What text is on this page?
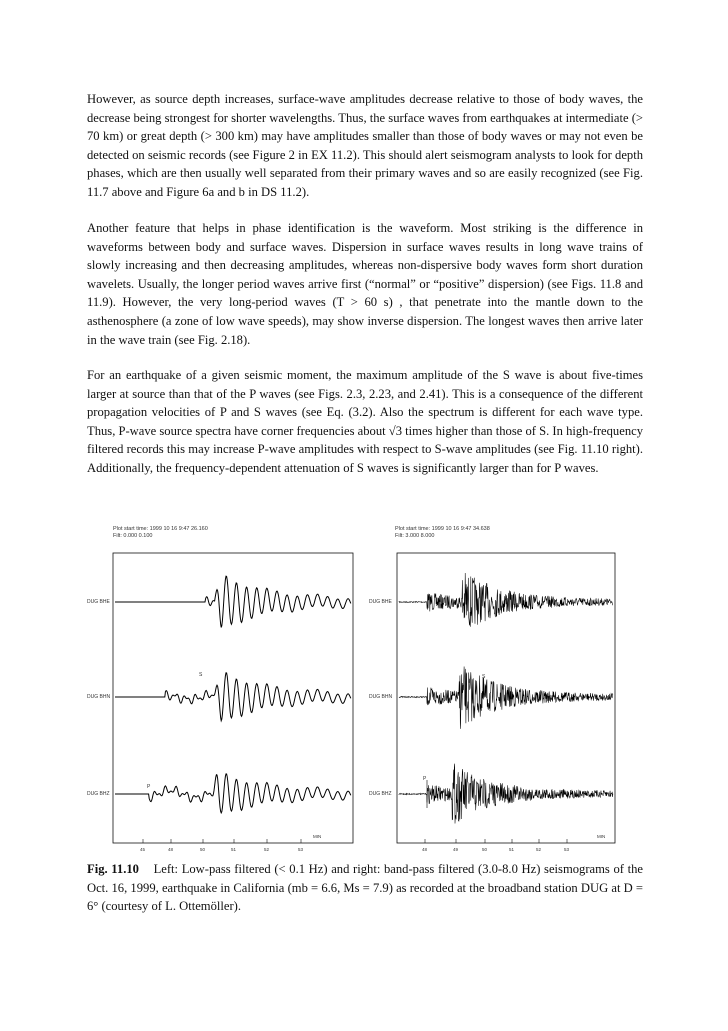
However, as source depth increases, surface-wave amplitudes decrease relative to those of body waves, the decrease being strongest for shorter wavelengths. Thus, the surface waves from earthquakes at intermediate (> 70 km) or great depth (> 300 km) may have amplitudes smaller than those of body waves or may not even be detected on seismic records (see Figure 2 in EX 11.2). This should alert seismogram analysts to look for depth phases, which are then usually well separated from their primary waves and so are easily recognized (see Fig. 11.7 above and Figure 6a and b in DS 11.2).

Another feature that helps in phase identification is the waveform. Most striking is the difference in waveforms between body and surface waves. Dispersion in surface waves results in long wave trains of slowly increasing and then decreasing amplitudes, whereas non-dispersive body waves form short duration wavelets. Usually, the longer period waves arrive first (“normal” or “positive” dispersion) (see Figs. 11.8 and 11.9). However, the very long-period waves (T > 60 s) , that penetrate into the mantle down to the asthenosphere (a zone of low wave speeds), may show inverse dispersion. The longest waves then arrive later in the wave train (see Fig. 2.18).

For an earthquake of a given seismic moment, the maximum amplitude of the S wave is about five-times larger at source than that of the P waves (see Figs. 2.3, 2.23, and 2.41). This is a consequence of the different propagation velocities of P and S waves (see Eq. (3.2). Also the spectrum is different for each wave type. Thus, P-wave source spectra have corner frequencies about √3 times higher than those of S. In high-frequency filtered records this may increase P-wave amplitudes with respect to S-wave amplitudes (see Fig. 11.10 right). Additionally, the frequency-dependent attenuation of S waves is significantly larger than for P waves.

Plot start time: 1999 10 16 9:47 26.160
Filt: 0.000 0.100
DUG BHE
DUG BHN
DUG BHZ
S
P
45	48	50	51	52	53
MIN
Plot start time: 1999 10 16 9:47 34.638
Filt: 3.000 8.000
DUG BHE
DUG BHN
DUG BHZ
S
P
48	49	50	51	52	53
MIN

Fig. 11.10 Left: Low-pass filtered (< 0.1 Hz) and right: band-pass filtered (3.0-8.0 Hz) seismograms of the Oct. 16, 1999, earthquake in California (mb = 6.6, Ms = 7.9) as recorded at the broadband station DUG at D = 6° (courtesy of L. Ottemöller).
